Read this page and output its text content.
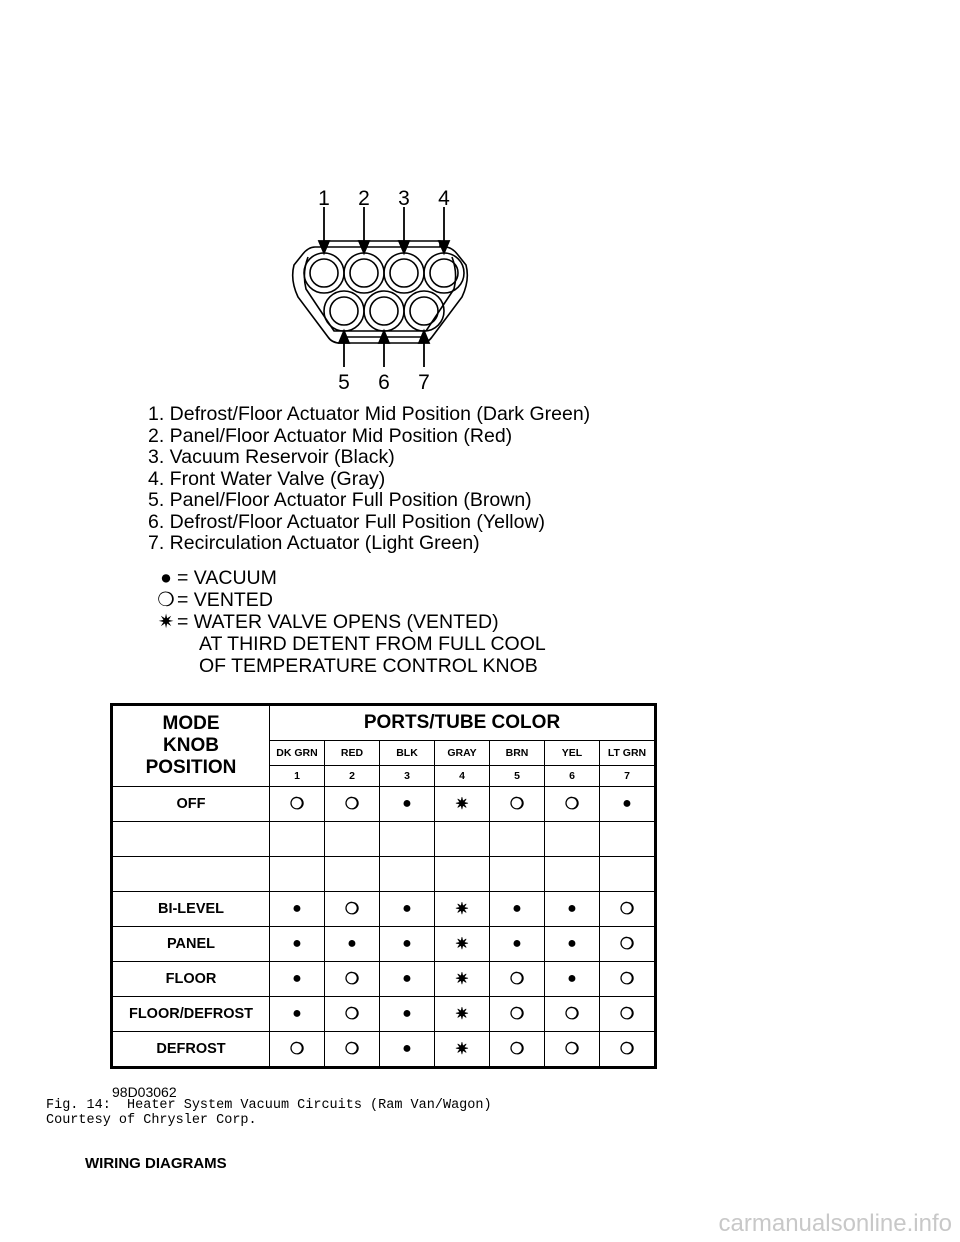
1 2 3 4
5 6 7
1. Defrost/Floor Actuator Mid Position (Dark Green)
2. Panel/Floor Actuator Mid Position (Red)
3. Vacuum Reservoir (Black)
4. Front Water Valve (Gray)
5. Panel/Floor Actuator Full Position (Brown)
6. Defrost/Floor Actuator Full Position (Yellow)
7. Recirculation Actuator (Light Green)
● = VACUUM
❍ = VENTED
✷ = WATER VALVE OPENS (VENTED)
AT THIRD DETENT FROM FULL COOL
OF TEMPERATURE CONTROL KNOB
MODE
KNOB
POSITION	PORTS/TUBE COLOR						
	DK GRN	RED	BLK	GRAY	BRN	YEL	LT GRN
	1	2	3	4	5	6	7
OFF	❍	❍	●	✷	❍	❍	●

BI-LEVEL	●	❍	●	✷	●	●	❍
PANEL	●	●	●	✷	●	●	❍
FLOOR	●	❍	●	✷	❍	●	❍
FLOOR/DEFROST	●	❍	●	✷	❍	❍	❍
DEFROST	❍	❍	●	✷	❍	❍	❍
98D03062
Fig. 14:  Heater System Vacuum Circuits (Ram Van/Wagon)
Courtesy of Chrysler Corp.
WIRING DIAGRAMS
carmanualsonline.info
